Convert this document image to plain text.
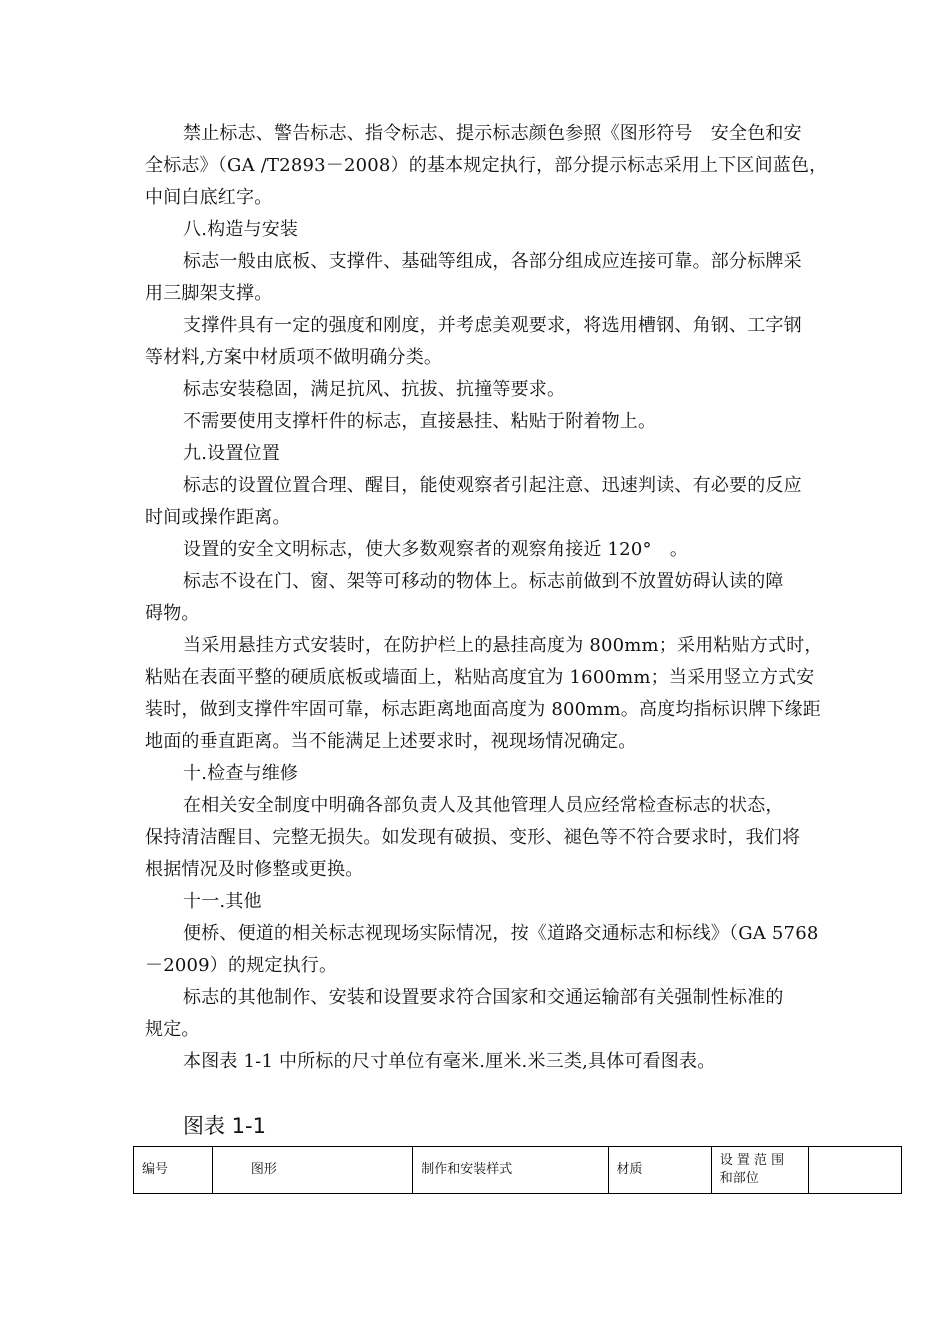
禁止标志、警告标志、指令标志、提示标志颜色参照《图形符号　安全色和安
全标志》（GA /T2893－2008）的基本规定执行，部分提示标志采用上下区间蓝色，
中间白底红字。
八.构造与安装
标志一般由底板、支撑件、基础等组成，各部分组成应连接可靠。部分标牌采
用三脚架支撑。
支撑件具有一定的强度和刚度，并考虑美观要求，将选用槽钢、角钢、工字钢
等材料,方案中材质项不做明确分类。
标志安装稳固，满足抗风、抗拔、抗撞等要求。
不需要使用支撑杆件的标志，直接悬挂、粘贴于附着物上。
九.设置位置
标志的设置位置合理、醒目，能使观察者引起注意、迅速判读、有必要的反应
时间或操作距离。
设置的安全文明标志，使大多数观察者的观察角接近 120°　。
标志不设在门、窗、架等可移动的物体上。标志前做到不放置妨碍认读的障
碍物。
当采用悬挂方式安装时，在防护栏上的悬挂高度为 800mm；采用粘贴方式时，
粘贴在表面平整的硬质底板或墙面上，粘贴高度宜为 1600mm；当采用竖立方式安
装时，做到支撑件牢固可靠，标志距离地面高度为 800mm。高度均指标识牌下缘距
地面的垂直距离。当不能满足上述要求时，视现场情况确定。
十.检查与维修
在相关安全制度中明确各部负责人及其他管理人员应经常检查标志的状态，
保持清洁醒目、完整无损失。如发现有破损、变形、褪色等不符合要求时，我们将
根据情况及时修整或更换。
十一.其他
便桥、便道的相关标志视现场实际情况，按《道路交通标志和标线》（GA 5768
－2009）的规定执行。
标志的其他制作、安装和设置要求符合国家和交通运输部有关强制性标准的
规定。
本图表 1-1 中所标的尺寸单位有毫米.厘米.米三类,具体可看图表。
图表 1-1
编号	图形	制作和安装样式	材质	设 置 范 围 和部位	
